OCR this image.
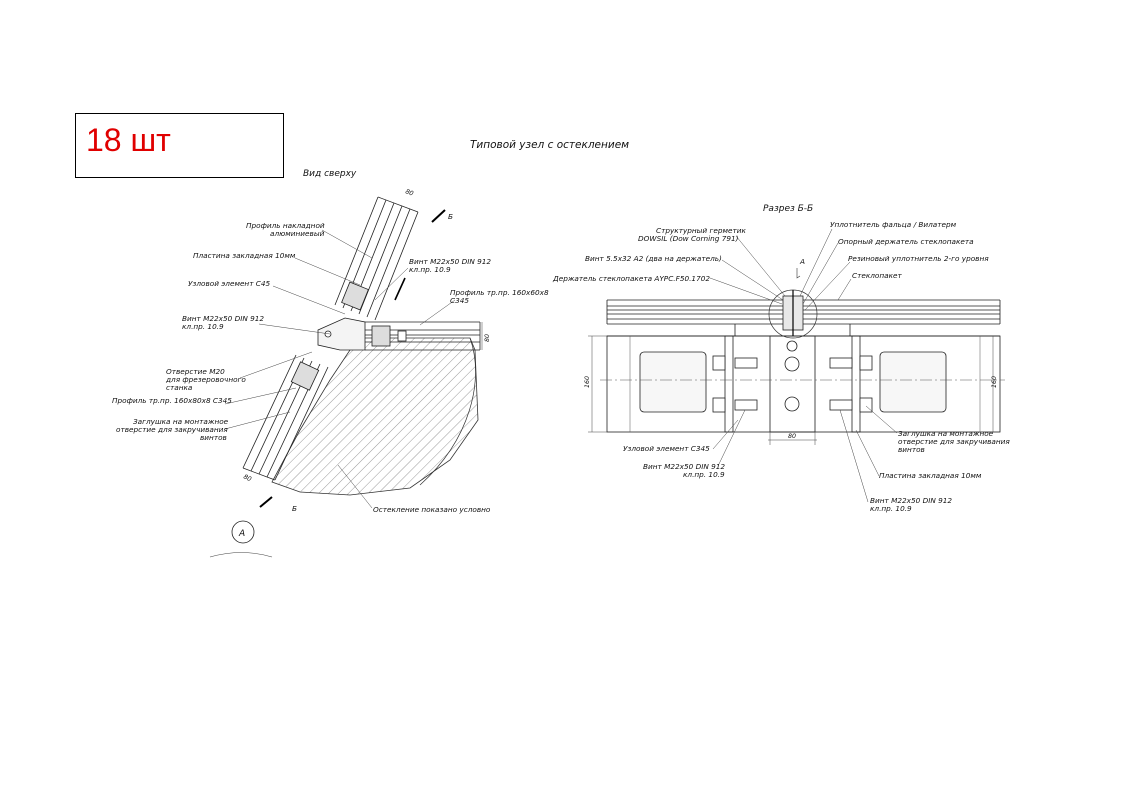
18 шт	Типовой узел с остеклением
Вид сверху
Б
Б
80
80
80
А
Профиль накладной
алюминиевый
Пластина закладная 10мм
Узловой элемент С45
Винт М22х50 DIN 912
кл.пр. 10.9
Винт М22х50 DIN 912
кл.пр. 10.9
Профиль тр.пр. 160х60х8
С345
Отверстие М20
для фрезеровочного
станка
Профиль тр.пр. 160х80х8 С345
Заглушка на монтажное
отверстие для закручивания
винтов
Остекление показано условно
Разрез Б-Б
А
160	160
80
Структурный герметик
DOWSIL (Dow Corning 791)
Винт 5.5х32 А2 (два на держатель)
Держатель стеклопакета AYPC.F50.1702
Уплотнитель фальца / Вилатерм
Опорный держатель стеклопакета
Резиновый уплотнитель 2-го уровня
Стеклопакет
Узловой элемент С345
Винт М22х50 DIN 912
кл.пр. 10.9
Заглушка на монтажное
отверстие для закручивания
винтов
Пластина закладная 10мм
Винт М22х50 DIN 912
кл.пр. 10.9
